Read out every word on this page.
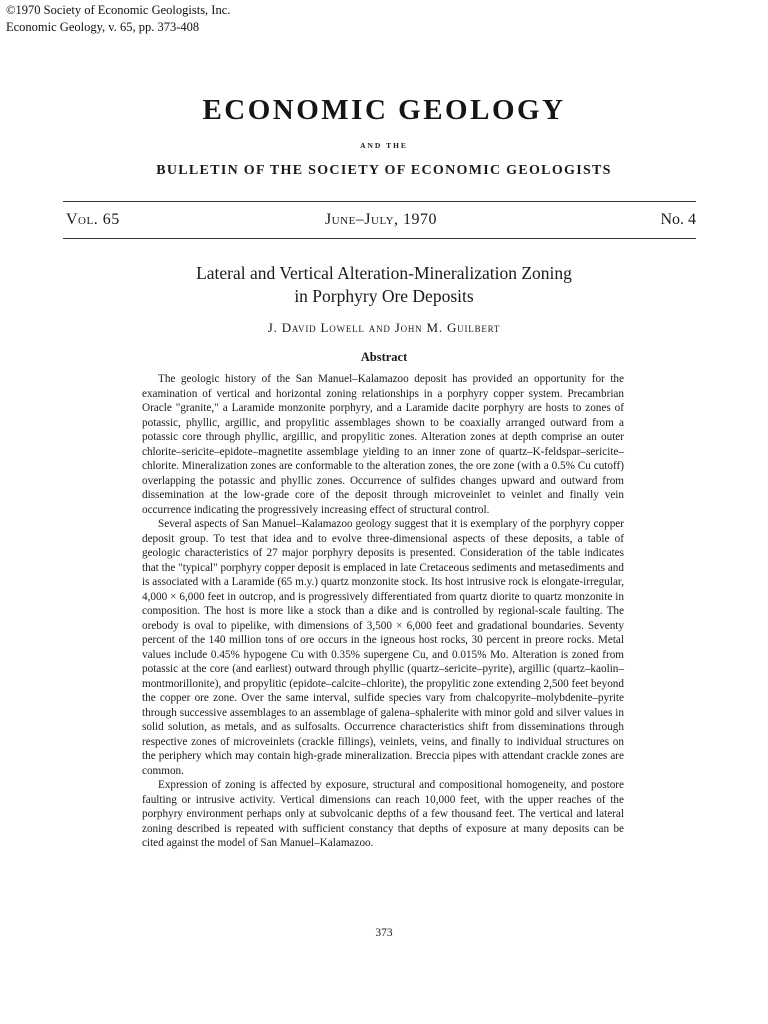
©1970 Society of Economic Geologists, Inc.
Economic Geology, v. 65, pp. 373-408
ECONOMIC GEOLOGY
AND THE
BULLETIN OF THE SOCIETY OF ECONOMIC GEOLOGISTS
Vol. 65	June–July, 1970	No. 4
Lateral and Vertical Alteration-Mineralization Zoning
in Porphyry Ore Deposits
J. David Lowell and John M. Guilbert
Abstract

The geologic history of the San Manuel–Kalamazoo deposit has provided an opportunity for the examination of vertical and horizontal zoning relationships in a porphyry copper system. Precambrian Oracle "granite," a Laramide monzonite porphyry, and a Laramide dacite porphyry are hosts to zones of potassic, phyllic, argillic, and propylitic assemblages shown to be coaxially arranged outward from a potassic core through phyllic, argillic, and propylitic zones. Alteration zones at depth comprise an outer chlorite–sericite–epidote–magnetite assemblage yielding to an inner zone of quartz–K-feldspar–sericite–chlorite. Mineralization zones are conformable to the alteration zones, the ore zone (with a 0.5% Cu cutoff) overlapping the potassic and phyllic zones. Occurrence of sulfides changes upward and outward from dissemination at the low-grade core of the deposit through microveinlet to veinlet and finally vein occurrence indicating the progressively increasing effect of structural control.

Several aspects of San Manuel–Kalamazoo geology suggest that it is exemplary of the porphyry copper deposit group. To test that idea and to evolve three-dimensional aspects of these deposits, a table of geologic characteristics of 27 major porphyry deposits is presented. Consideration of the table indicates that the "typical" porphyry copper deposit is emplaced in late Cretaceous sediments and metasediments and is associated with a Laramide (65 m.y.) quartz monzonite stock. Its host intrusive rock is elongate-irregular, 4,000 × 6,000 feet in outcrop, and is progressively differentiated from quartz diorite to quartz monzonite in composition. The host is more like a stock than a dike and is controlled by regional-scale faulting. The orebody is oval to pipelike, with dimensions of 3,500 × 6,000 feet and gradational boundaries. Seventy percent of the 140 million tons of ore occurs in the igneous host rocks, 30 percent in preore rocks. Metal values include 0.45% hypogene Cu with 0.35% supergene Cu, and 0.015% Mo. Alteration is zoned from potassic at the core (and earliest) outward through phyllic (quartz–sericite–pyrite), argillic (quartz–kaolin–montmorillonite), and propylitic (epidote–calcite–chlorite), the propylitic zone extending 2,500 feet beyond the copper ore zone. Over the same interval, sulfide species vary from chalcopyrite–molybdenite–pyrite through successive assemblages to an assemblage of galena–sphalerite with minor gold and silver values in solid solution, as metals, and as sulfosalts. Occurrence characteristics shift from disseminations through respective zones of microveinlets (crackle fillings), veinlets, veins, and finally to individual structures on the periphery which may contain high-grade mineralization. Breccia pipes with attendant crackle zones are common.

Expression of zoning is affected by exposure, structural and compositional homogeneity, and postore faulting or intrusive activity. Vertical dimensions can reach 10,000 feet, with the upper reaches of the porphyry environment perhaps only at subvolcanic depths of a few thousand feet. The vertical and lateral zoning described is repeated with sufficient constancy that depths of exposure at many deposits can be cited against the model of San Manuel–Kalamazoo.

373
